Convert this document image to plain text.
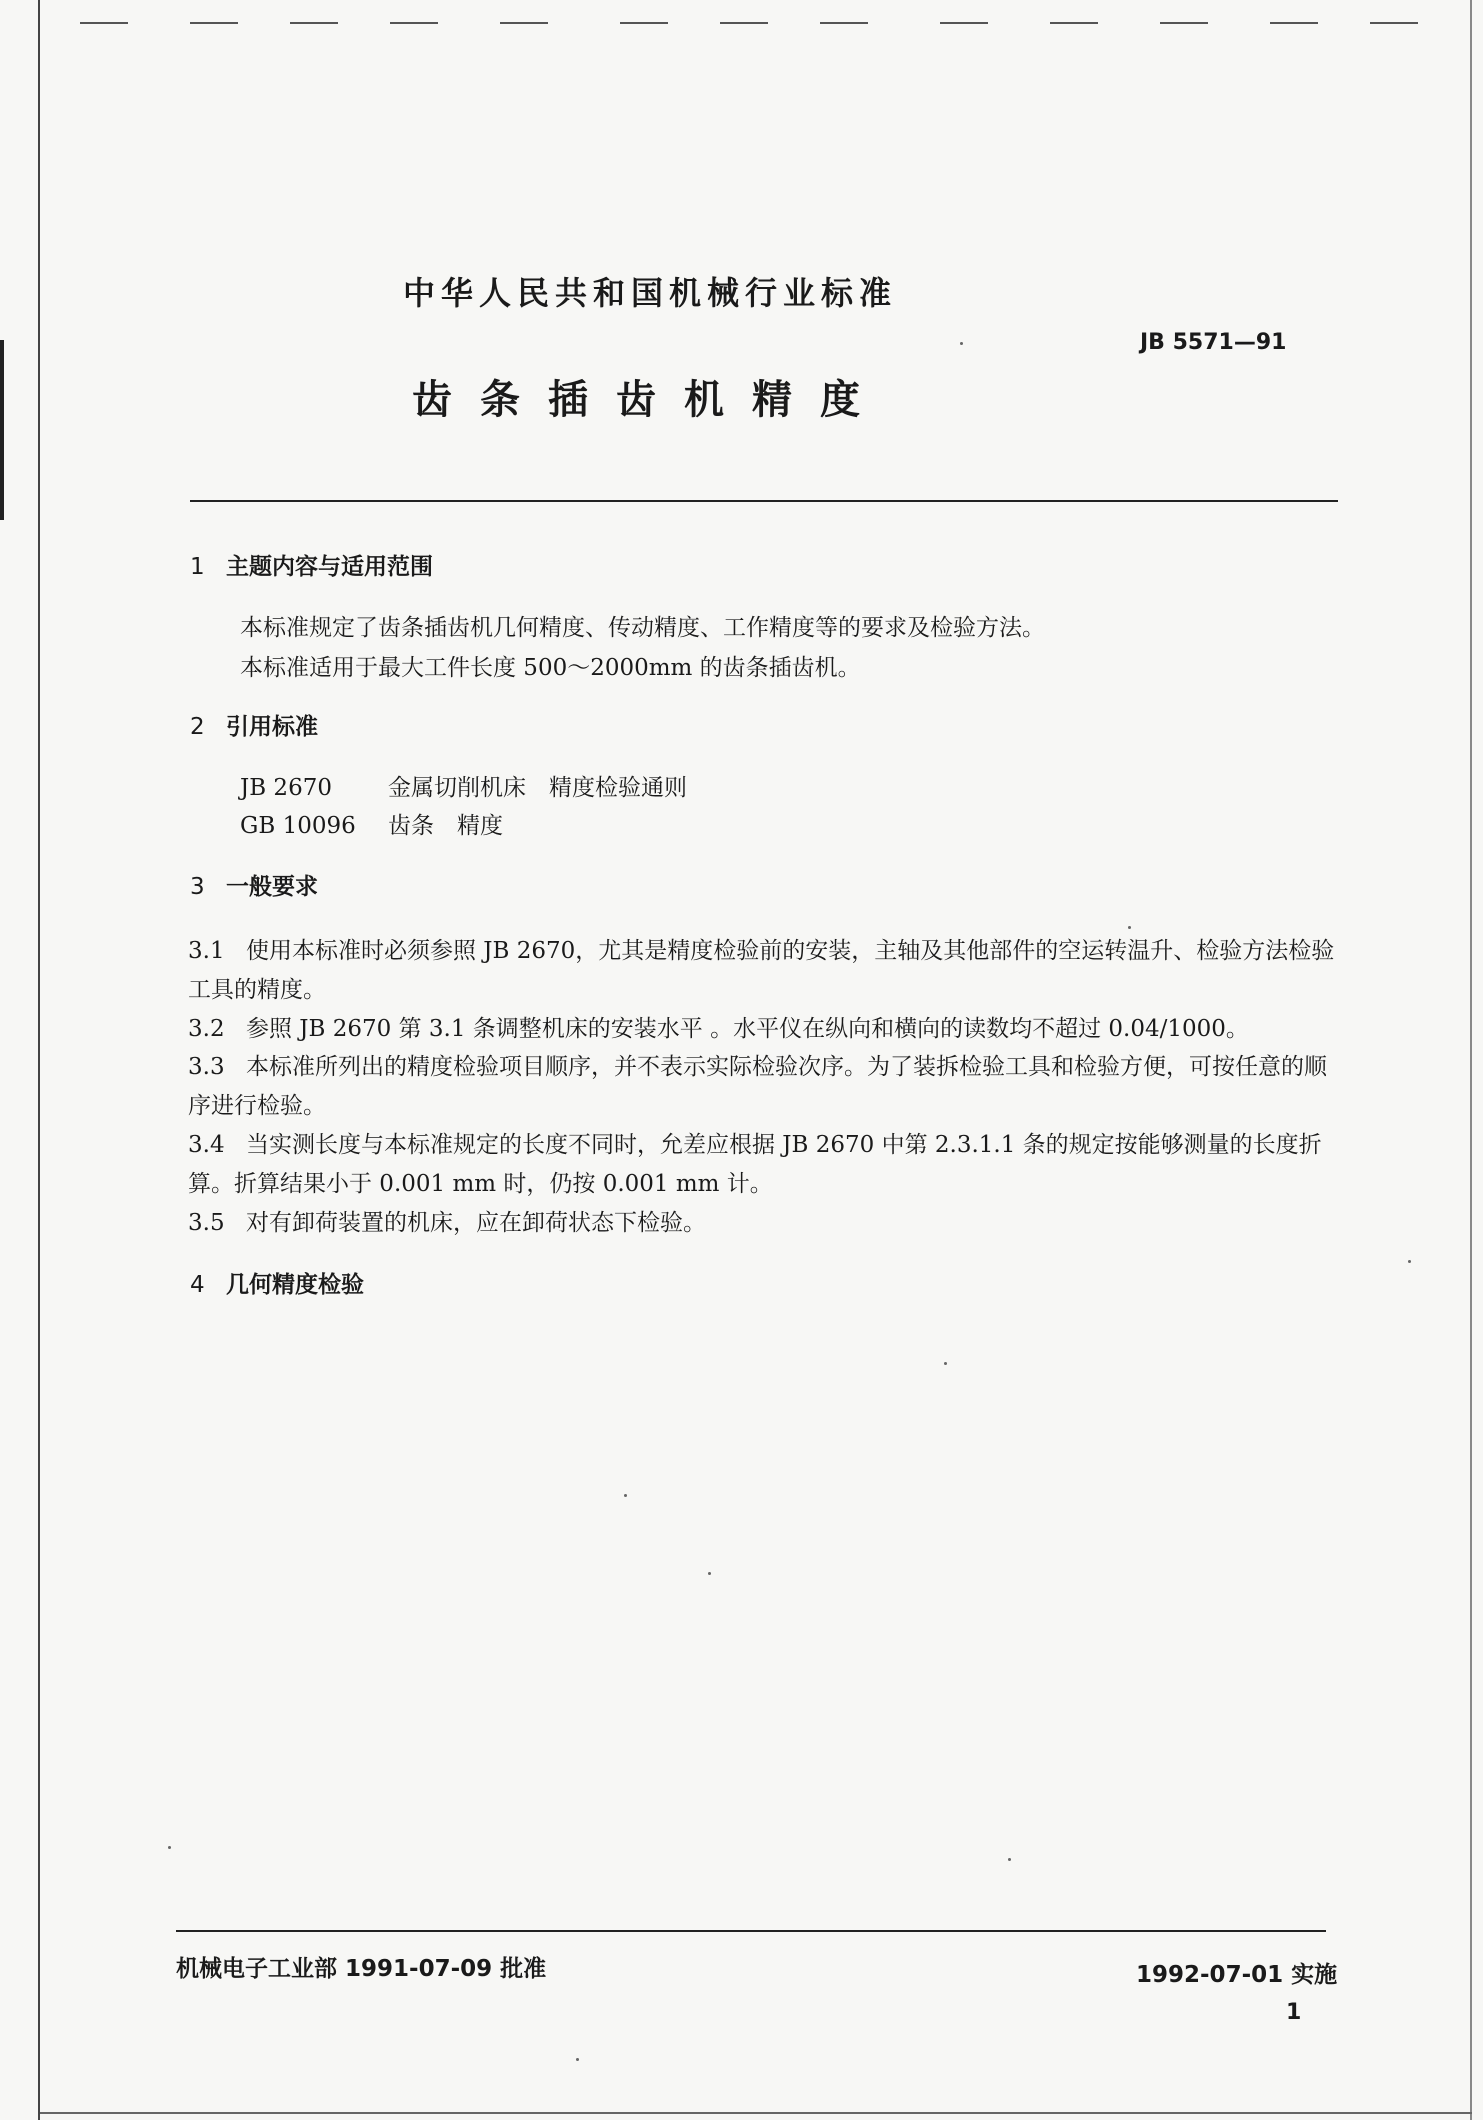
中华人民共和国机械行业标准
JB 5571—91
齿条插齿机精度
1 主题内容与适用范围
本标准规定了齿条插齿机几何精度、传动精度、工作精度等的要求及检验方法。
本标准适用于最大工件长度 500～2000mm 的齿条插齿机。
2 引用标准
JB 2670 金属切削机床　精度检验通则
GB 10096 齿条　精度
3 一般要求
3.1 使用本标准时必须参照 JB 2670，尤其是精度检验前的安装，主轴及其他部件的空运转温升、检验方法检验工具的精度。
3.2 参照 JB 2670 第 3.1 条调整机床的安装水平 。水平仪在纵向和横向的读数均不超过 0.04/1000。
3.3 本标准所列出的精度检验项目顺序，并不表示实际检验次序。为了装拆检验工具和检验方便，可按任意的顺序进行检验。
3.4 当实测长度与本标准规定的长度不同时，允差应根据 JB 2670 中第 2.3.1.1 条的规定按能够测量的长度折算。折算结果小于 0.001 mm 时，仍按 0.001 mm 计。
3.5 对有卸荷装置的机床，应在卸荷状态下检验。
4 几何精度检验
机械电子工业部 1991-07-09 批准	1992-07-01 实施
1
